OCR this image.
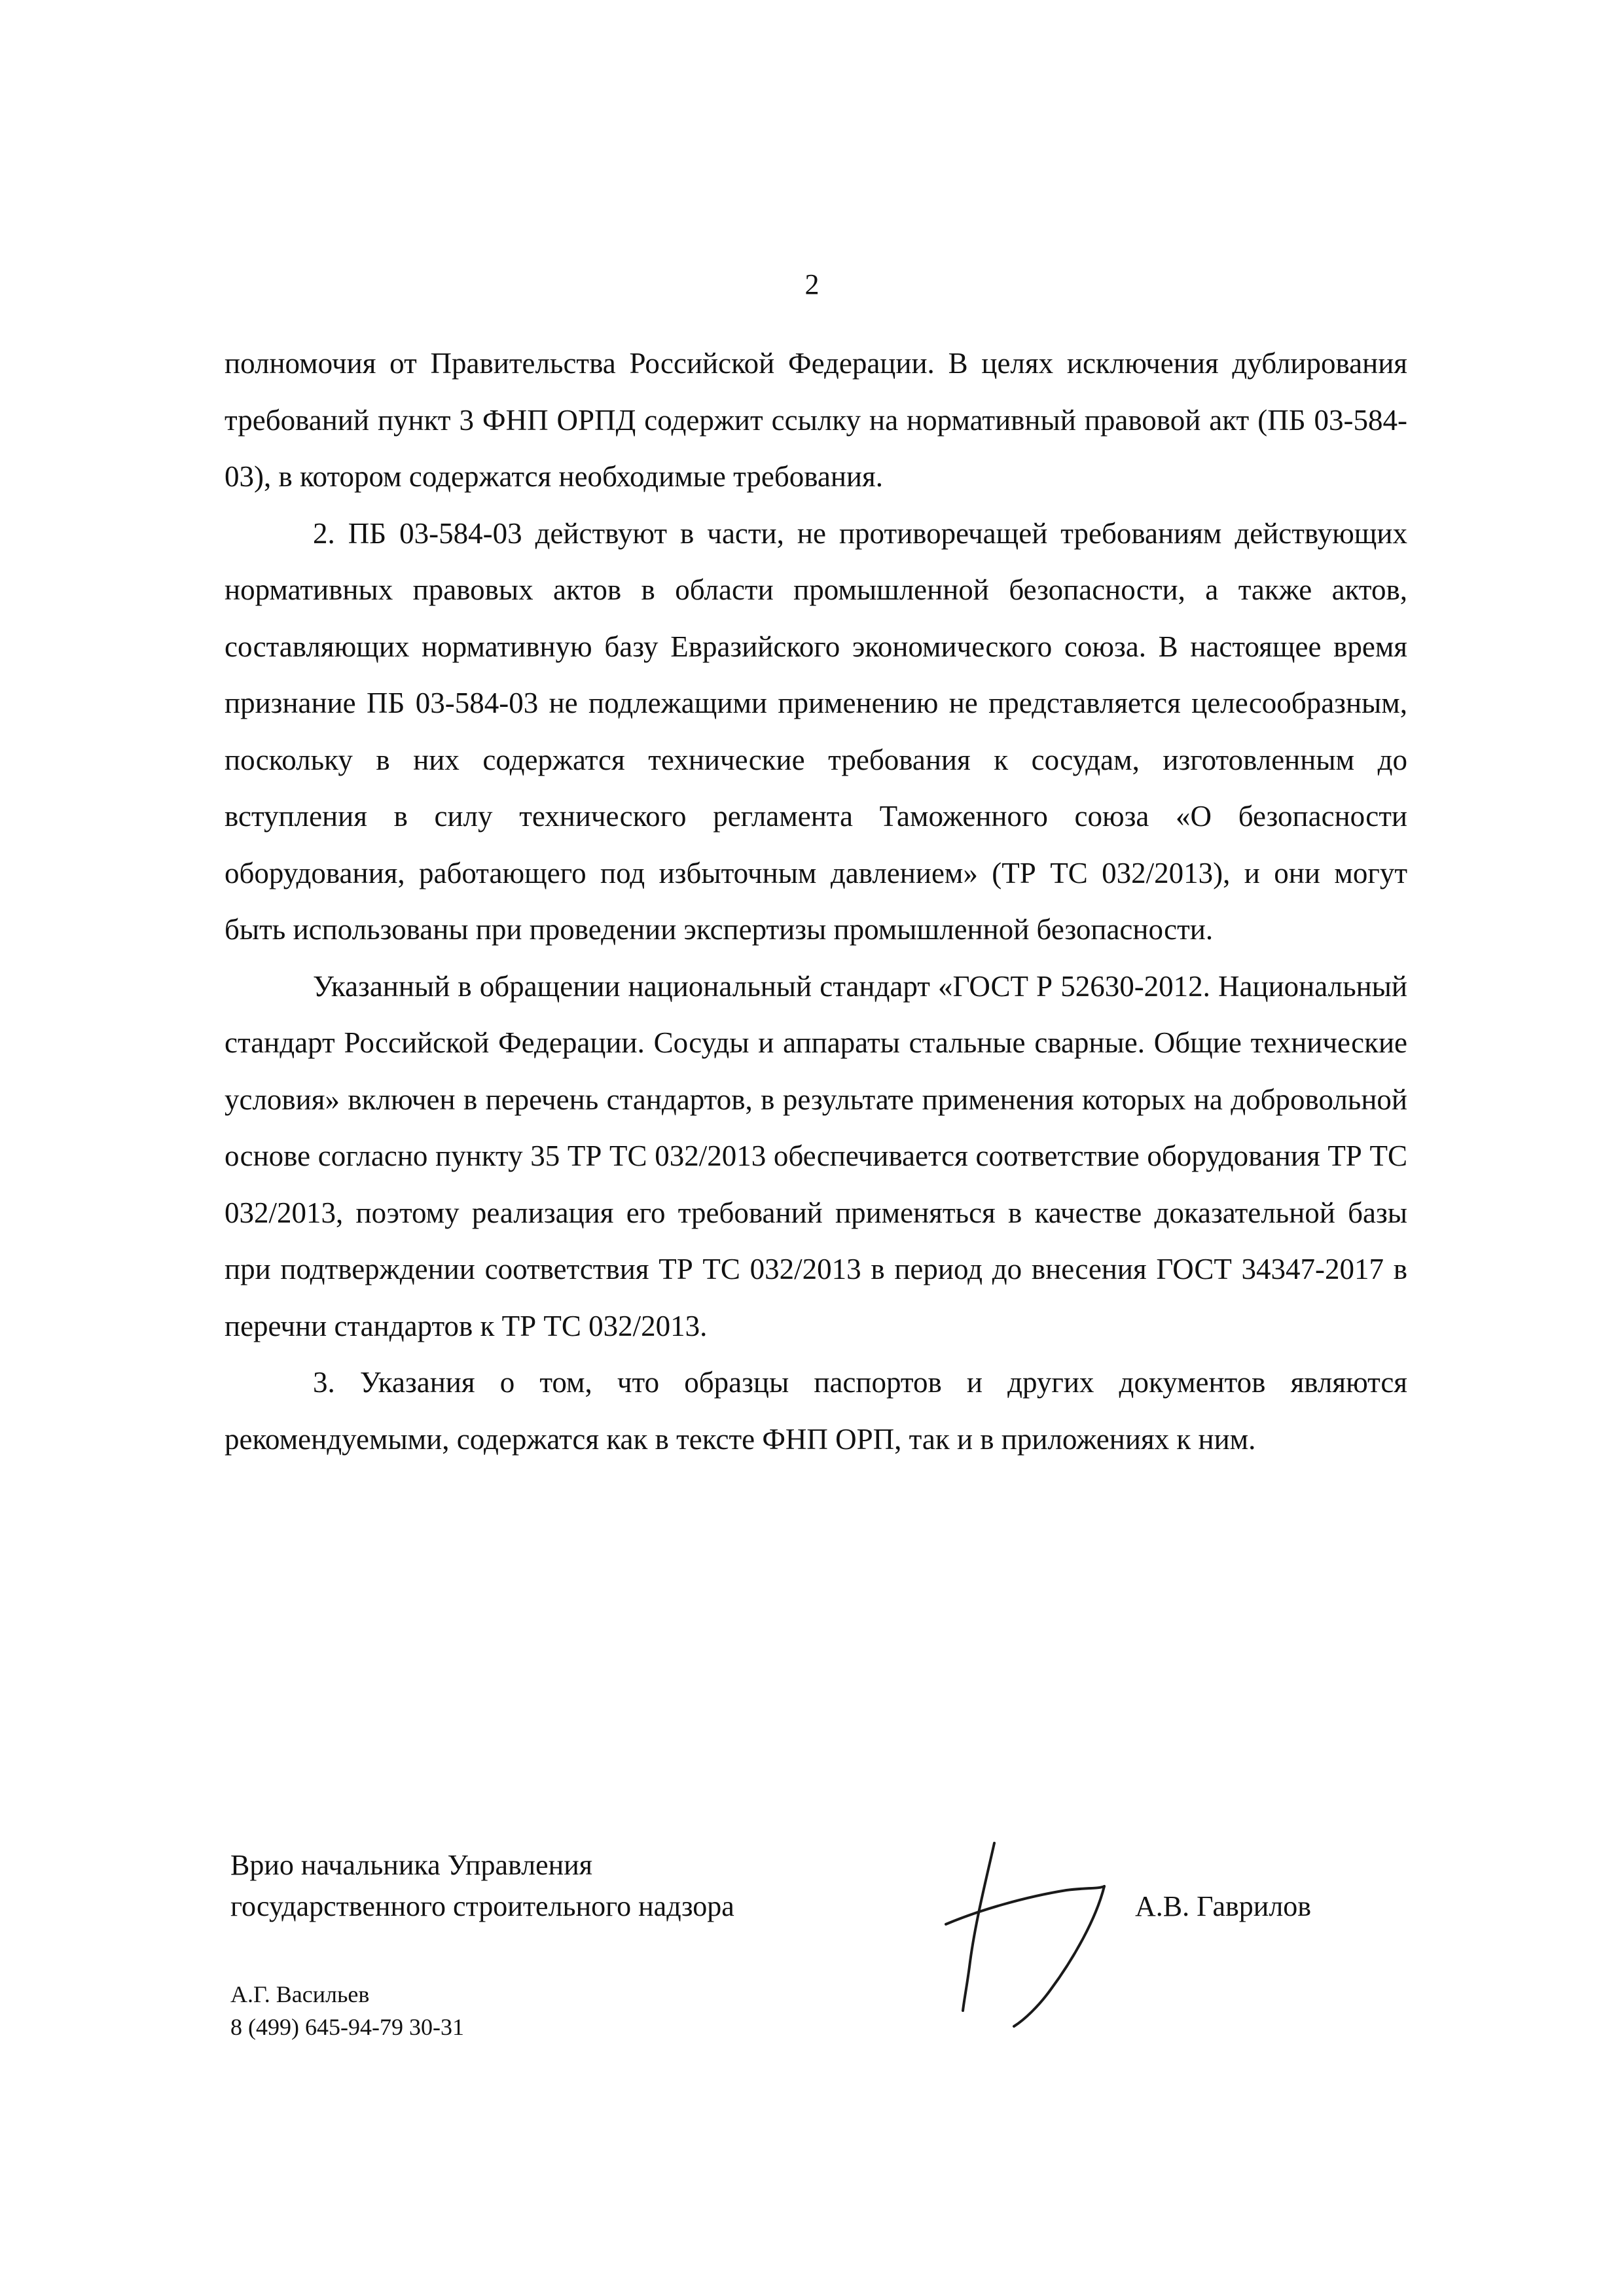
2

полномочия от Правительства Российской Федерации. В целях исключения дублирования требований пункт 3 ФНП ОРПД содержит ссылку на нормативный правовой акт (ПБ 03-584-03), в котором содержатся необходимые требования.

2. ПБ 03-584-03 действуют в части, не противоречащей требованиям действующих нормативных правовых актов в области промышленной безопасности, а также актов, составляющих нормативную базу Евразийского экономического союза. В настоящее время признание ПБ 03-584-03 не подлежащими применению не представляется целесообразным, поскольку в них содержатся технические требования к сосудам, изготовленным до вступления в силу технического регламента Таможенного союза «О безопасности оборудования, работающего под избыточным давлением» (ТР ТС 032/2013), и они могут быть использованы при проведении экспертизы промышленной безопасности.

Указанный в обращении национальный стандарт «ГОСТ Р 52630-2012. Национальный стандарт Российской Федерации. Сосуды и аппараты стальные сварные. Общие технические условия» включен в перечень стандартов, в результате применения которых на добровольной основе согласно пункту 35 ТР ТС 032/2013 обеспечивается соответствие оборудования ТР ТС 032/2013, поэтому реализация его требований применяться в качестве доказательной базы при подтверждении соответствия ТР ТС 032/2013 в период до внесения ГОСТ 34347-2017 в перечни стандартов к ТР ТС 032/2013.

3. Указания о том, что образцы паспортов и других документов являются рекомендуемыми, содержатся как в тексте ФНП ОРП, так и в приложениях к ним.

Врио начальника Управления
государственного строительного надзора	А.В. Гаврилов
А.Г. Васильев
8 (499) 645-94-79 30-31
